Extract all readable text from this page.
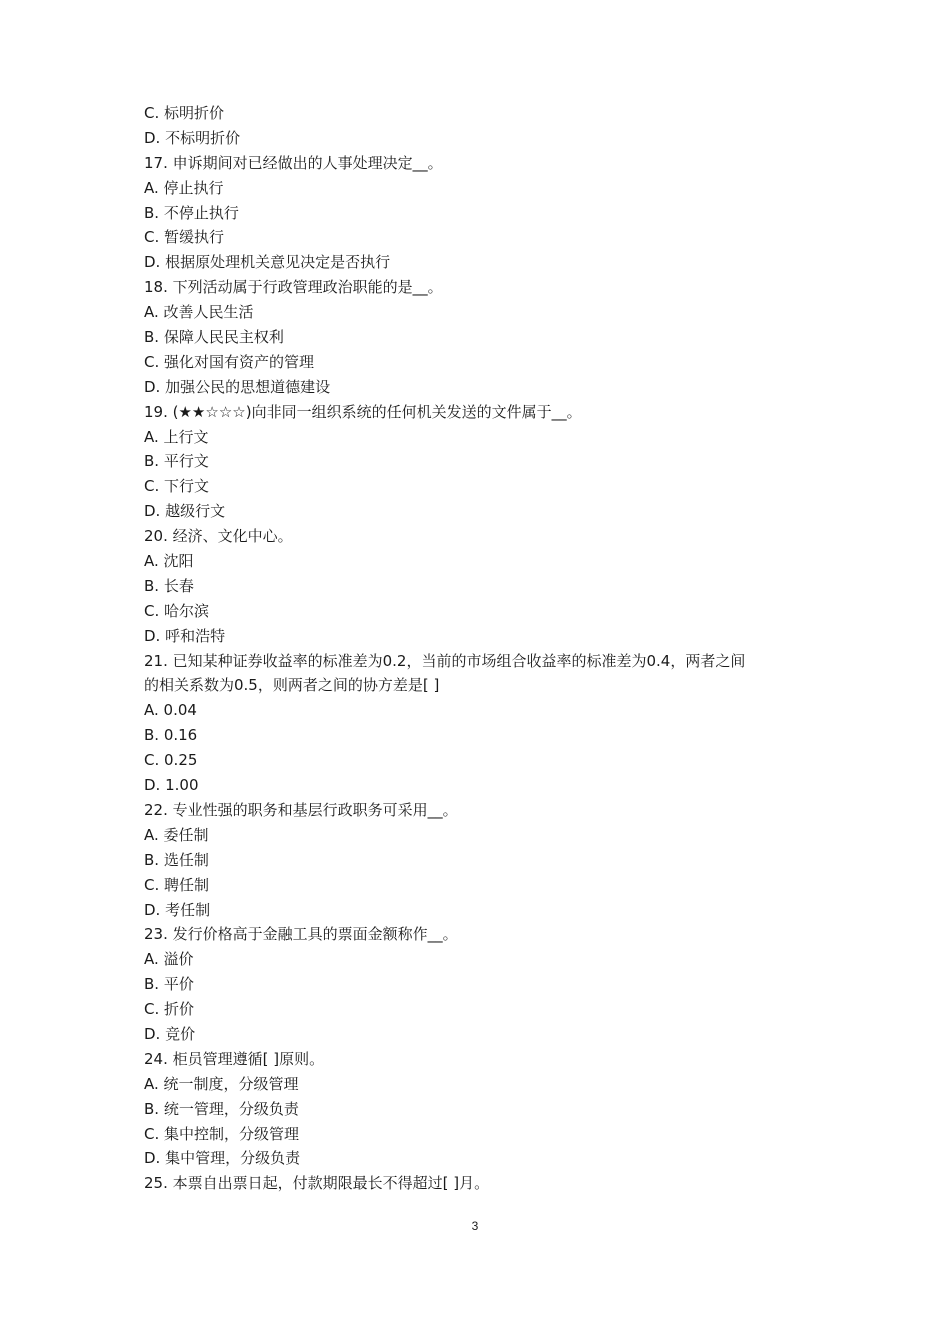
C. 标明折价
D. 不标明折价
17. 申诉期间对已经做出的人事处理决定__。
A. 停止执行
B. 不停止执行
C. 暂缓执行
D. 根据原处理机关意见决定是否执行
18. 下列活动属于行政管理政治职能的是__。
A. 改善人民生活
B. 保障人民民主权利
C. 强化对国有资产的管理
D. 加强公民的思想道德建设
19. (★★☆☆☆)向非同一组织系统的任何机关发送的文件属于__。
A. 上行文
B. 平行文
C. 下行文
D. 越级行文
20. 经济、文化中心。
A. 沈阳
B. 长春
C. 哈尔滨
D. 呼和浩特
21. 已知某种证券收益率的标准差为0.2，当前的市场组合收益率的标准差为0.4，两者之间
的相关系数为0.5，则两者之间的协方差是[ ]
A. 0.04
B. 0.16
C. 0.25
D. 1.00
22. 专业性强的职务和基层行政职务可采用__。
A. 委任制
B. 选任制
C. 聘任制
D. 考任制
23. 发行价格高于金融工具的票面金额称作__。
A. 溢价
B. 平价
C. 折价
D. 竞价
24. 柜员管理遵循[ ]原则。
A. 统一制度，分级管理
B. 统一管理，分级负责
C. 集中控制，分级管理
D. 集中管理，分级负责
25. 本票自出票日起，付款期限最长不得超过[ ]月。
3
